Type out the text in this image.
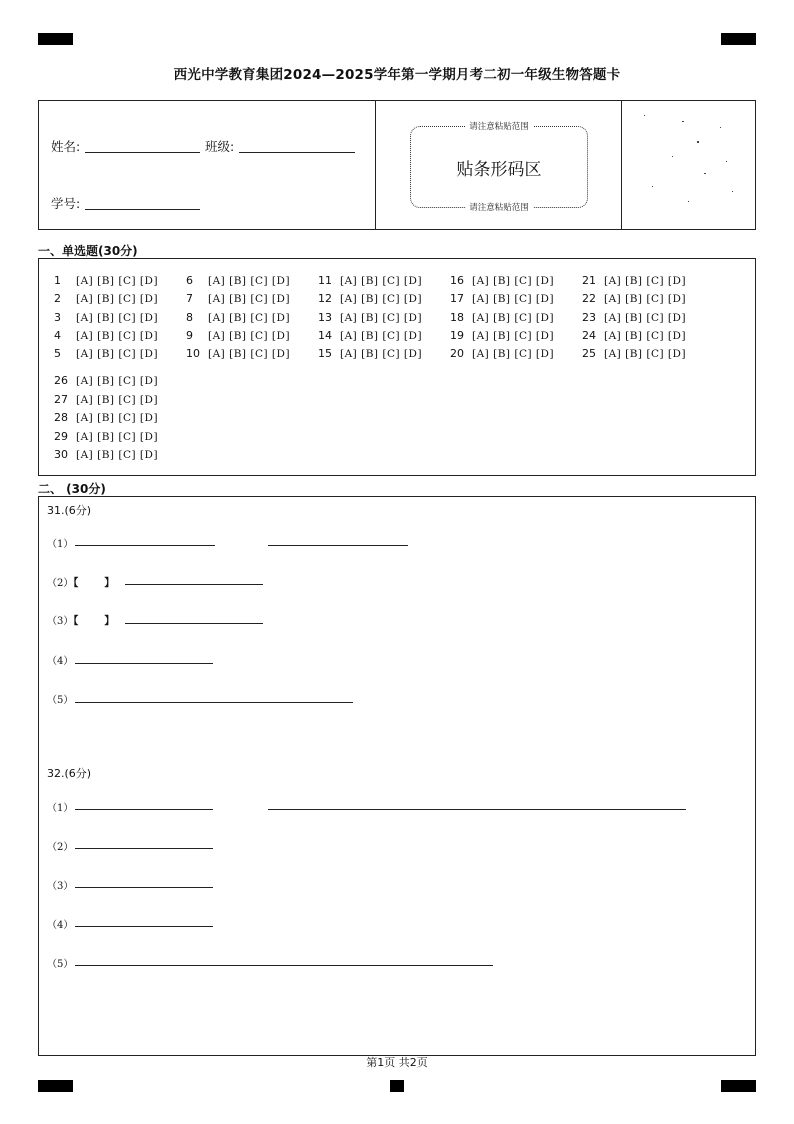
西光中学教育集团2024—2025学年第一学期月考二初一年级生物答题卡
姓名:	班级:
学号:
请注意粘贴范围
贴条形码区
请注意粘贴范围
一、单选题(30分)
1 [A] [B] [C] [D]
2 [A] [B] [C] [D]
3 [A] [B] [C] [D]
4 [A] [B] [C] [D]
5 [A] [B] [C] [D]
6 [A] [B] [C] [D]
7 [A] [B] [C] [D]
8 [A] [B] [C] [D]
9 [A] [B] [C] [D]
10 [A] [B] [C] [D]
11 [A] [B] [C] [D]
12 [A] [B] [C] [D]
13 [A] [B] [C] [D]
14 [A] [B] [C] [D]
15 [A] [B] [C] [D]
16 [A] [B] [C] [D]
17 [A] [B] [C] [D]
18 [A] [B] [C] [D]
19 [A] [B] [C] [D]
20 [A] [B] [C] [D]
21 [A] [B] [C] [D]
22 [A] [B] [C] [D]
23 [A] [B] [C] [D]
24 [A] [B] [C] [D]
25 [A] [B] [C] [D]
26 [A] [B] [C] [D]
27 [A] [B] [C] [D]
28 [A] [B] [C] [D]
29 [A] [B] [C] [D]
30 [A] [B] [C] [D]
二、 (30分)
31.(6分)
（1）
（2）【	】
（3）【	】
（4）
（5）
32.(6分)
（1）
（2）
（3）
（4）
（5）
第1页 共2页
